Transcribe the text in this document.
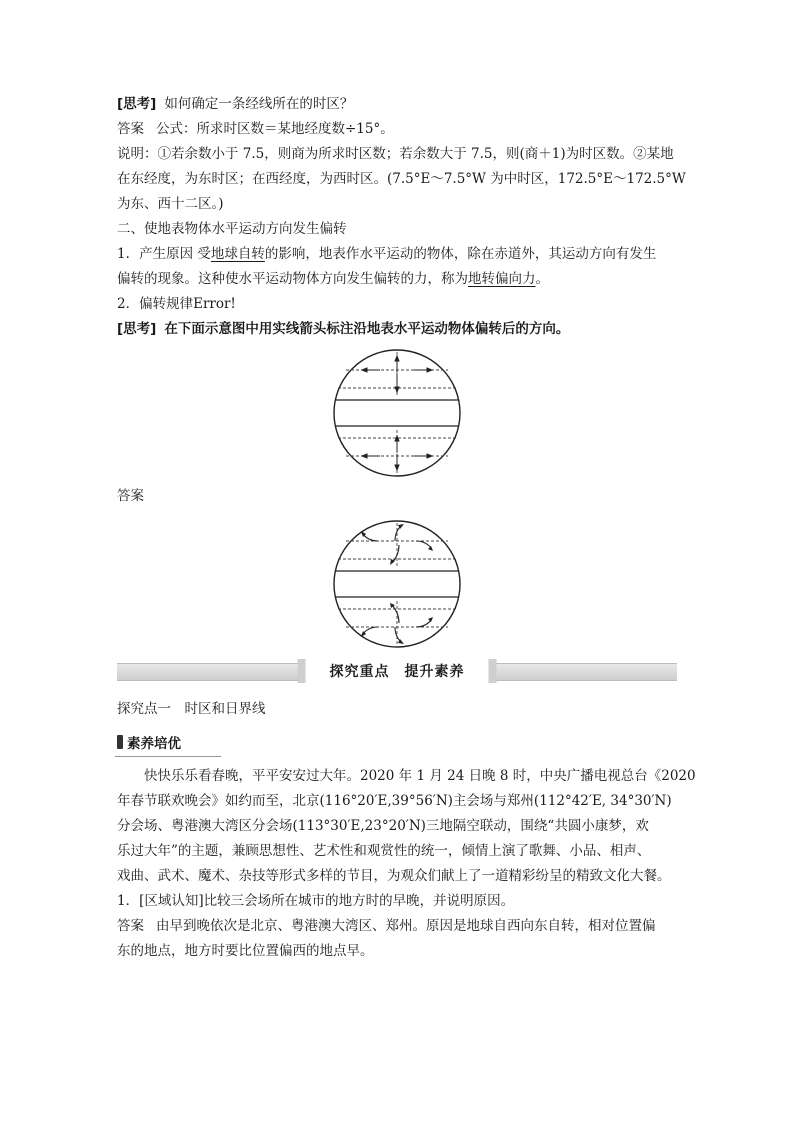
[思考] 如何确定一条经线所在的时区？
答案 公式：所求时区数＝某地经度数÷15°。
说明：①若余数小于 7.5，则商为所求时区数；若余数大于 7.5，则(商＋1)为时区数。②某地
在东经度，为东时区；在西经度，为西时区。(7.5°E～7.5°W 为中时区，172.5°E～172.5°W
为东、西十二区。)
二、使地表物体水平运动方向发生偏转
1．产生原因 受地球自转的影响，地表作水平运动的物体，除在赤道外，其运动方向有发生
偏转的现象。这种使水平运动物体方向发生偏转的力，称为地转偏向力。
2．偏转规律Error!
[思考] 在下面示意图中用实线箭头标注沿地表水平运动物体偏转后的方向。
答案
探究重点　提升素养
探究点一　时区和日界线
素养培优
快快乐乐看春晚，平平安安过大年。2020 年 1 月 24 日晚 8 时，中央广播电视总台《2020
年春节联欢晚会》如约而至，北京(116°20′E,39°56′N)主会场与郑州(112°42′E, 34°30′N)
分会场、粤港澳大湾区分会场(113°30′E,23°20′N)三地隔空联动，围绕“共圆小康梦，欢
乐过大年”的主题，兼顾思想性、艺术性和观赏性的统一，倾情上演了歌舞、小品、相声、
戏曲、武术、魔术、杂技等形式多样的节目，为观众们献上了一道精彩纷呈的精致文化大餐。
1．[区域认知]比较三会场所在城市的地方时的早晚，并说明原因。
答案 由早到晚依次是北京、粤港澳大湾区、郑州。原因是地球自西向东自转，相对位置偏
东的地点，地方时要比位置偏西的地点早。
